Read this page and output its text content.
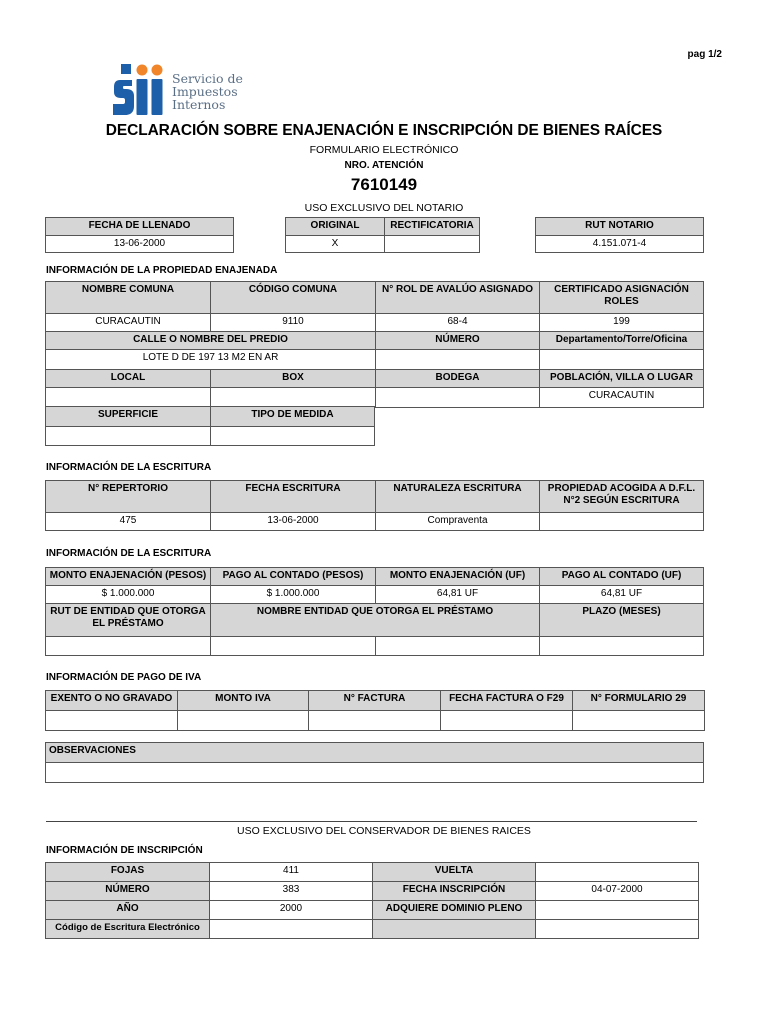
pag 1/2
Servicio de
Impuestos
Internos
DECLARACIÓN SOBRE ENAJENACIÓN E INSCRIPCIÓN DE BIENES RAÍCES
FORMULARIO ELECTRÓNICO
NRO. ATENCIÓN
7610149
USO EXCLUSIVO DEL NOTARIO
FECHA DE LLENADO
13-06-2000
ORIGINAL	RECTIFICATORIA
X	
RUT NOTARIO
4.151.071-4
INFORMACIÓN DE LA PROPIEDAD ENAJENADA
NOMBRE COMUNA	CÓDIGO COMUNA	N° ROL DE AVALÚO ASIGNADO	CERTIFICADO ASIGNACIÓN ROLES
CURACAUTIN	9110	68-4	199
CALLE O NOMBRE DEL PREDIO		NÚMERO	Departamento/Torre/Oficina
LOTE D DE 197 13 M2 EN AR			
LOCAL	BOX	BODEGA	POBLACIÓN, VILLA O LUGAR
			CURACAUTIN
SUPERFICIE	TIPO DE MEDIDA

INFORMACIÓN DE LA ESCRITURA
N° REPERTORIO	FECHA ESCRITURA	NATURALEZA ESCRITURA	PROPIEDAD ACOGIDA A D.F.L. N°2 SEGÚN ESCRITURA
475	13-06-2000	Compraventa	
INFORMACIÓN DE LA ESCRITURA
MONTO ENAJENACIÓN (PESOS)	PAGO AL CONTADO (PESOS)	MONTO ENAJENACIÓN (UF)	PAGO AL CONTADO (UF)
$ 1.000.000	$ 1.000.000	64,81 UF	64,81 UF
RUT DE ENTIDAD QUE OTORGA EL PRÉSTAMO	NOMBRE ENTIDAD QUE OTORGA EL PRÉSTAMO		PLAZO (MESES)

INFORMACIÓN DE PAGO DE IVA
EXENTO O NO GRAVADO	MONTO IVA	N° FACTURA	FECHA FACTURA O F29	N° FORMULARIO 29

OBSERVACIONES

USO EXCLUSIVO DEL CONSERVADOR DE BIENES RAICES
INFORMACIÓN DE INSCRIPCIÓN
FOJAS	411	VUELTA	
NÚMERO	383	FECHA INSCRIPCIÓN	04-07-2000
AÑO	2000	ADQUIERE DOMINIO PLENO	
Código de Escritura Electrónico			
